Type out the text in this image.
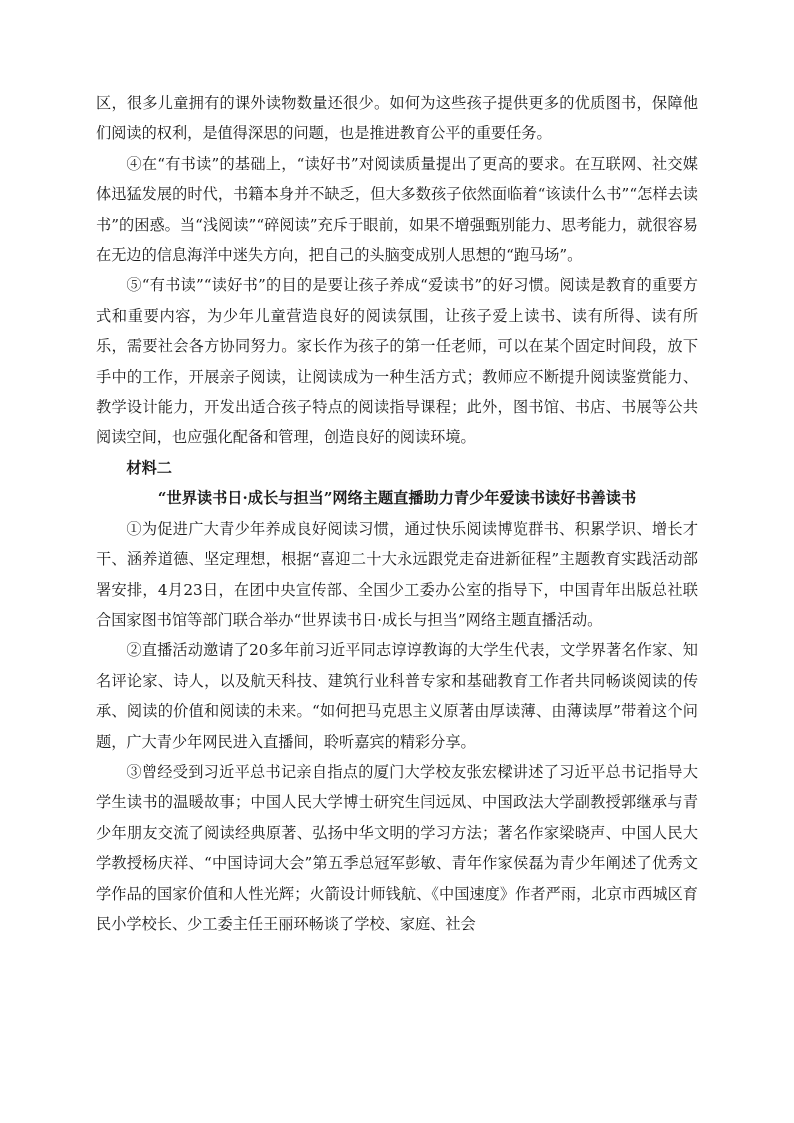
区，很多儿童拥有的课外读物数量还很少。如何为这些孩子提供更多的优质图书，保障他们阅读的权利，是值得深思的问题，也是推进教育公平的重要任务。

④在“有书读”的基础上，“读好书”对阅读质量提出了更高的要求。在互联网、社交媒体迅猛发展的时代，书籍本身并不缺乏，但大多数孩子依然面临着“该读什么书”“怎样去读书”的困惑。当“浅阅读”“碎阅读”充斥于眼前，如果不增强甄别能力、思考能力，就很容易在无边的信息海洋中迷失方向，把自己的头脑变成别人思想的“跑马场”。

⑤“有书读”“读好书”的目的是要让孩子养成“爱读书”的好习惯。阅读是教育的重要方式和重要内容，为少年儿童营造良好的阅读氛围，让孩子爱上读书、读有所得、读有所乐，需要社会各方协同努力。家长作为孩子的第一任老师，可以在某个固定时间段，放下手中的工作，开展亲子阅读，让阅读成为一种生活方式；教师应不断提升阅读鉴赏能力、教学设计能力，开发出适合孩子特点的阅读指导课程；此外，图书馆、书店、书展等公共阅读空间，也应强化配备和管理，创造良好的阅读环境。

材料二

“世界读书日·成长与担当”网络主题直播助力青少年爱读书读好书善读书

①为促进广大青少年养成良好阅读习惯，通过快乐阅读博览群书、积累学识、增长才干、涵养道德、坚定理想，根据“喜迎二十大永远跟党走奋进新征程”主题教育实践活动部署安排，4月23日，在团中央宣传部、全国少工委办公室的指导下，中国青年出版总社联合国家图书馆等部门联合举办“世界读书日·成长与担当”网络主题直播活动。

②直播活动邀请了20多年前习近平同志谆谆教诲的大学生代表，文学界著名作家、知名评论家、诗人，以及航天科技、建筑行业科普专家和基础教育工作者共同畅谈阅读的传承、阅读的价值和阅读的未来。“如何把马克思主义原著由厚读薄、由薄读厚”带着这个问题，广大青少年网民进入直播间，聆听嘉宾的精彩分享。

③曾经受到习近平总书记亲自指点的厦门大学校友张宏樑讲述了习近平总书记指导大学生读书的温暖故事；中国人民大学博士研究生闫远凤、中国政法大学副教授郭继承与青少年朋友交流了阅读经典原著、弘扬中华文明的学习方法；著名作家梁晓声、中国人民大学教授杨庆祥、“中国诗词大会”第五季总冠军彭敏、青年作家侯磊为青少年阐述了优秀文学作品的国家价值和人性光辉；火箭设计师钱航、《中国速度》作者严雨，北京市西城区育民小学校长、少工委主任王丽环畅谈了学校、家庭、社会
